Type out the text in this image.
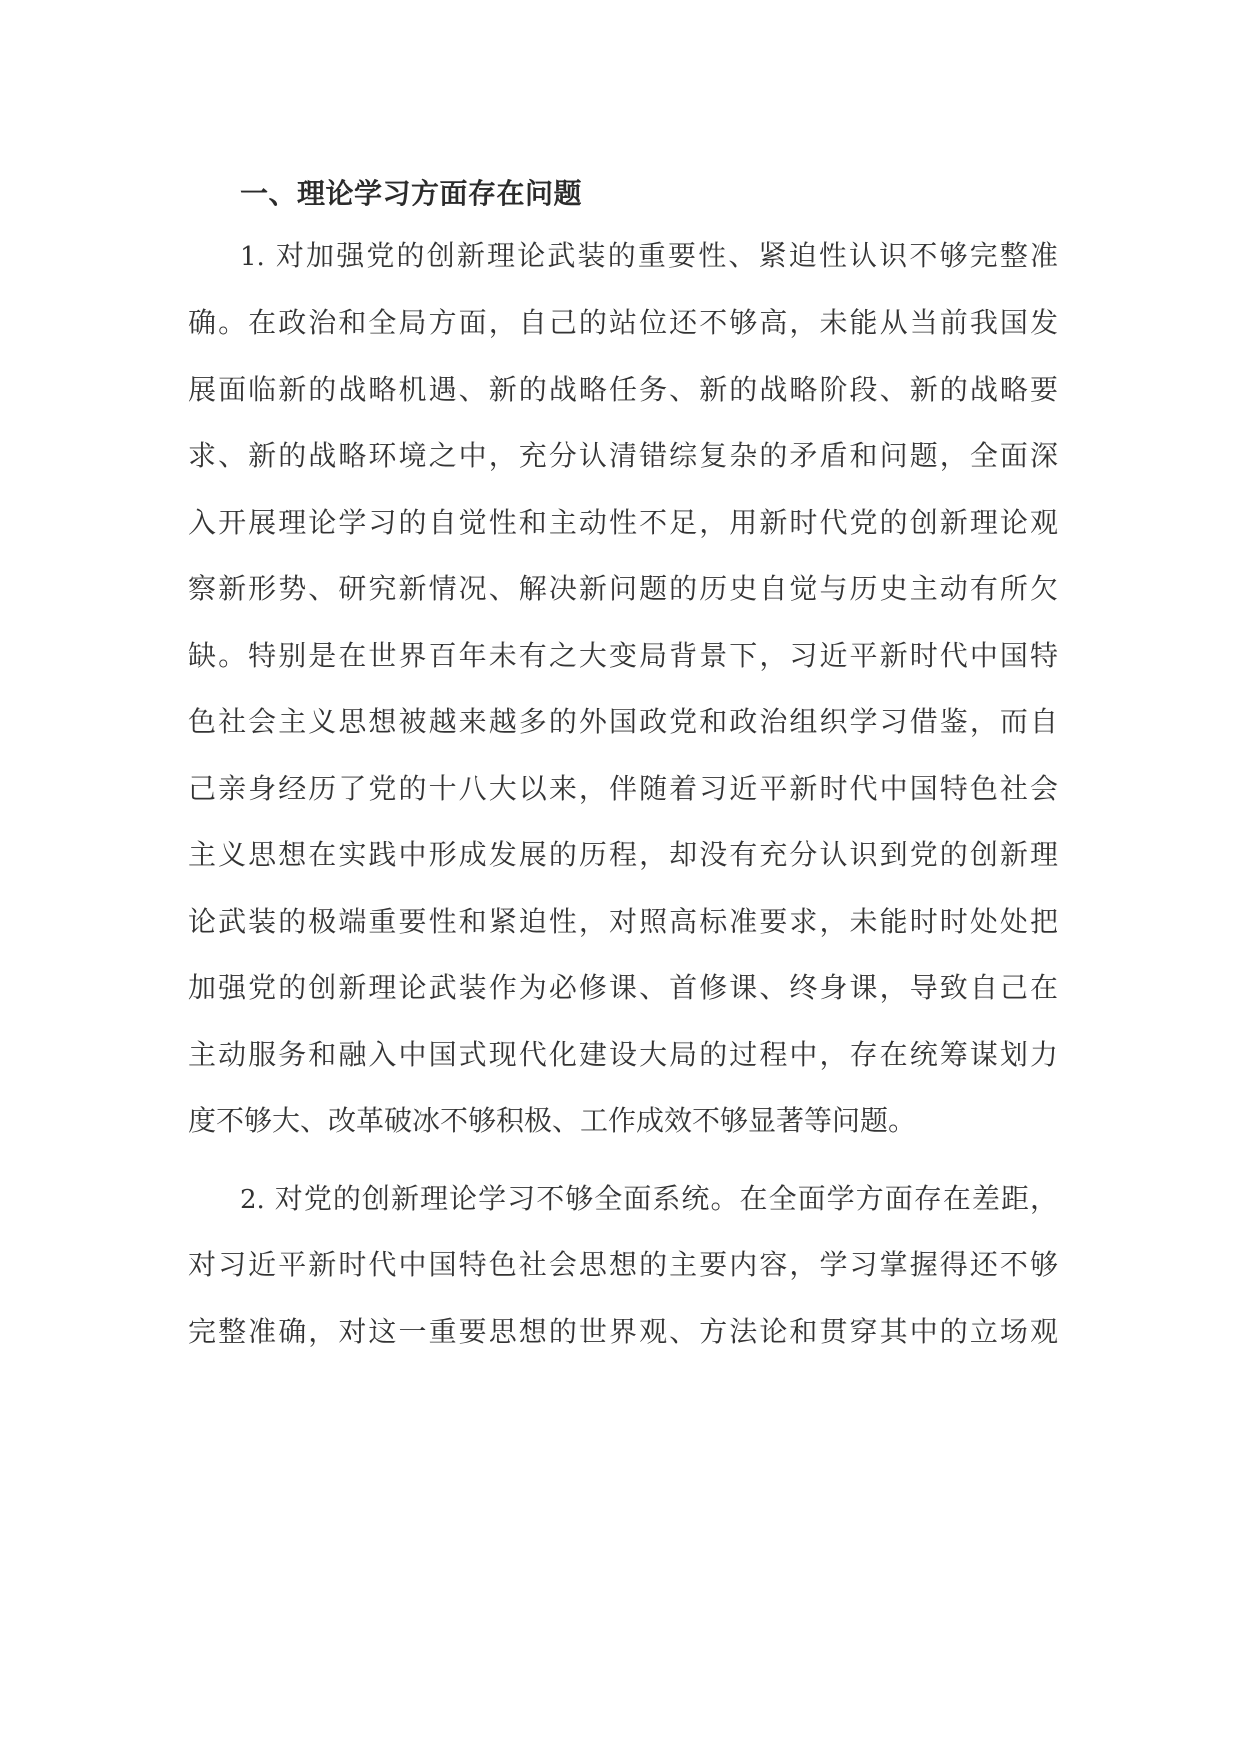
一、理论学习方面存在问题

1. 对加强党的创新理论武装的重要性、紧迫性认识不够完整准

确。在政治和全局方面，自己的站位还不够高，未能从当前我国发

展面临新的战略机遇、新的战略任务、新的战略阶段、新的战略要

求、新的战略环境之中，充分认清错综复杂的矛盾和问题，全面深

入开展理论学习的自觉性和主动性不足，用新时代党的创新理论观

察新形势、研究新情况、解决新问题的历史自觉与历史主动有所欠

缺。特别是在世界百年未有之大变局背景下，习近平新时代中国特

色社会主义思想被越来越多的外国政党和政治组织学习借鉴，而自

己亲身经历了党的十八大以来，伴随着习近平新时代中国特色社会

主义思想在实践中形成发展的历程，却没有充分认识到党的创新理

论武装的极端重要性和紧迫性，对照高标准要求，未能时时处处把

加强党的创新理论武装作为必修课、首修课、终身课，导致自己在

主动服务和融入中国式现代化建设大局的过程中，存在统筹谋划力

度不够大、改革破冰不够积极、工作成效不够显著等问题。

2. 对党的创新理论学习不够全面系统。在全面学方面存在差距，

对习近平新时代中国特色社会思想的主要内容，学习掌握得还不够

完整准确，对这一重要思想的世界观、方法论和贯穿其中的立场观
